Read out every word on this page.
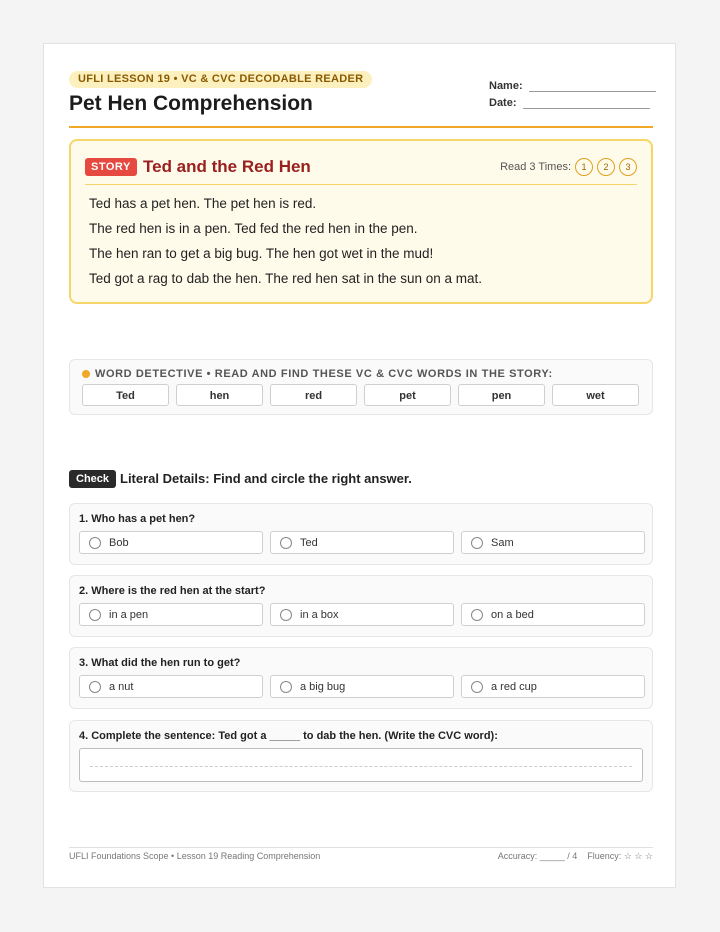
UFLI LESSON 19 • VC & CVC DECODABLE READER
Pet Hen Comprehension
Name:
Date:
STORY Ted and the Red Hen	Read 3 Times:	1	2	3
Ted has a pet hen. The pet hen is red.
The red hen is in a pen. Ted fed the red hen in the pen.
The hen ran to get a big bug. The hen got wet in the mud!
Ted got a rag to dab the hen. The red hen sat in the sun on a mat.
WORD DETECTIVE • READ AND FIND THESE VC & CVC WORDS IN THE STORY:
Ted	hen	red	pet	pen	wet
Check Literal Details: Find and circle the right answer.
1. Who has a pet hen?
Bob	Ted	Sam
2. Where is the red hen at the start?
in a pen	in a box	on a bed
3. What did the hen run to get?
a nut	a big bug	a red cup
4. Complete the sentence: Ted got a _____ to dab the hen. (Write the CVC word):
UFLI Foundations Scope • Lesson 19 Reading Comprehension	Accuracy: _____ / 4 Fluency: ☆ ☆ ☆
